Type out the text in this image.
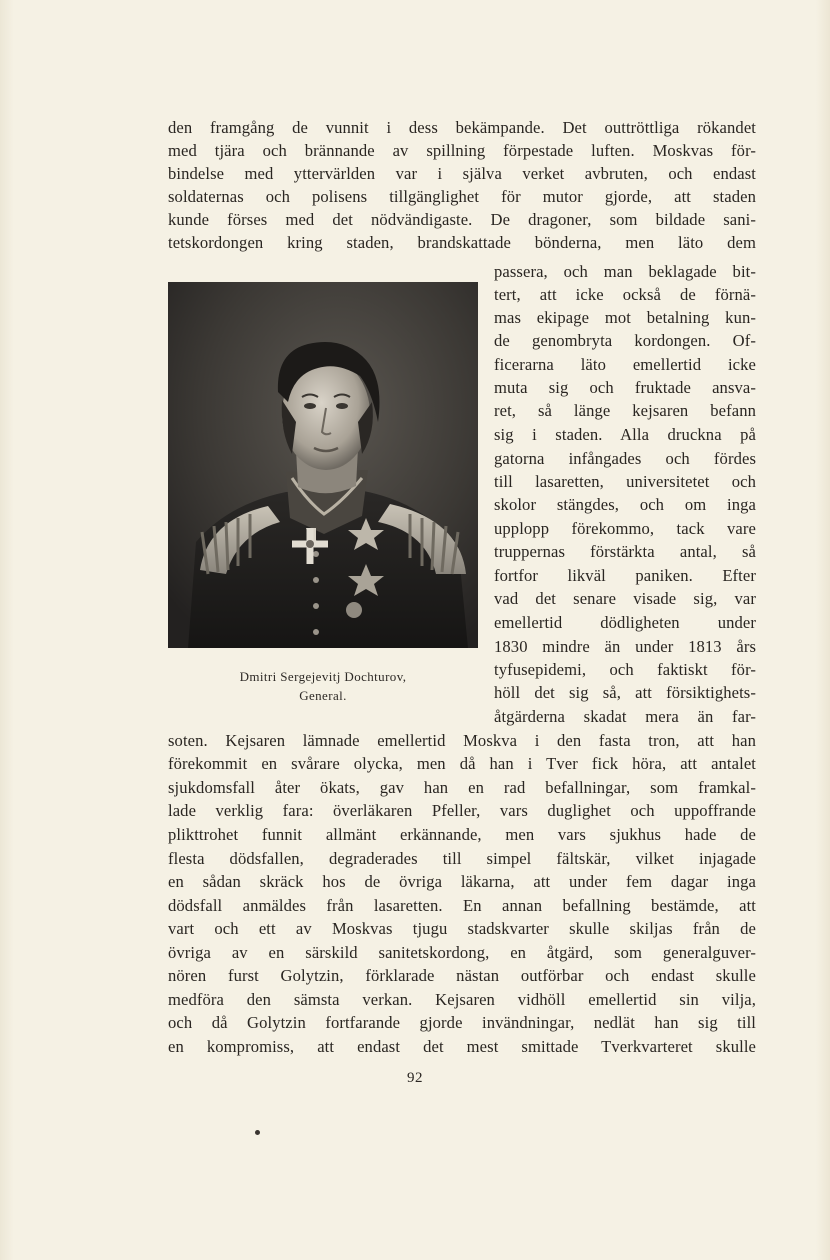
den framgång de vunnit i dess bekämpande. Det outtröttliga rökandet
med tjära och brännande av spillning förpestade luften. Moskvas för-
bindelse med yttervärlden var i själva verket avbruten, och endast
soldaternas och polisens tillgänglighet för mutor gjorde, att staden
kunde förses med det nödvändigaste. De dragoner, som bildade sani-
tetskordongen kring staden, brandskattade bönderna, men läto dem
Dmitri Sergejevitj Dochturov,
General.
passera, och man beklagade bit-
tert, att icke också de förnä-
mas ekipage mot betalning kun-
de genombryta kordongen. Of-
ficerarna läto emellertid icke
muta sig och fruktade ansva-
ret, så länge kejsaren befann
sig i staden. Alla druckna på
gatorna infångades och fördes
till lasaretten, universitetet och
skolor stängdes, och om inga
upplopp förekommo, tack vare
truppernas förstärkta antal, så
fortfor likväl paniken. Efter
vad det senare visade sig, var
emellertid dödligheten under
1830 mindre än under 1813 års
tyfusepidemi, och faktiskt för-
höll det sig så, att försiktighets-
åtgärderna skadat mera än far-
soten. Kejsaren lämnade emellertid Moskva i den fasta tron, att han
förekommit en svårare olycka, men då han i Tver fick höra, att antalet
sjukdomsfall åter ökats, gav han en rad befallningar, som framkal-
lade verklig fara: överläkaren Pfeller, vars duglighet och uppoffrande
plikttrohet funnit allmänt erkännande, men vars sjukhus hade de
flesta dödsfallen, degraderades till simpel fältskär, vilket injagade
en sådan skräck hos de övriga läkarna, att under fem dagar inga
dödsfall anmäldes från lasaretten. En annan befallning bestämde, att
vart och ett av Moskvas tjugu stadskvarter skulle skiljas från de
övriga av en särskild sanitetskordong, en åtgärd, som generalguver-
nören furst Golytzin, förklarade nästan outförbar och endast skulle
medföra den sämsta verkan. Kejsaren vidhöll emellertid sin vilja,
och då Golytzin fortfarande gjorde invändningar, nedlät han sig till
en kompromiss, att endast det mest smittade Tverkvarteret skulle
92
